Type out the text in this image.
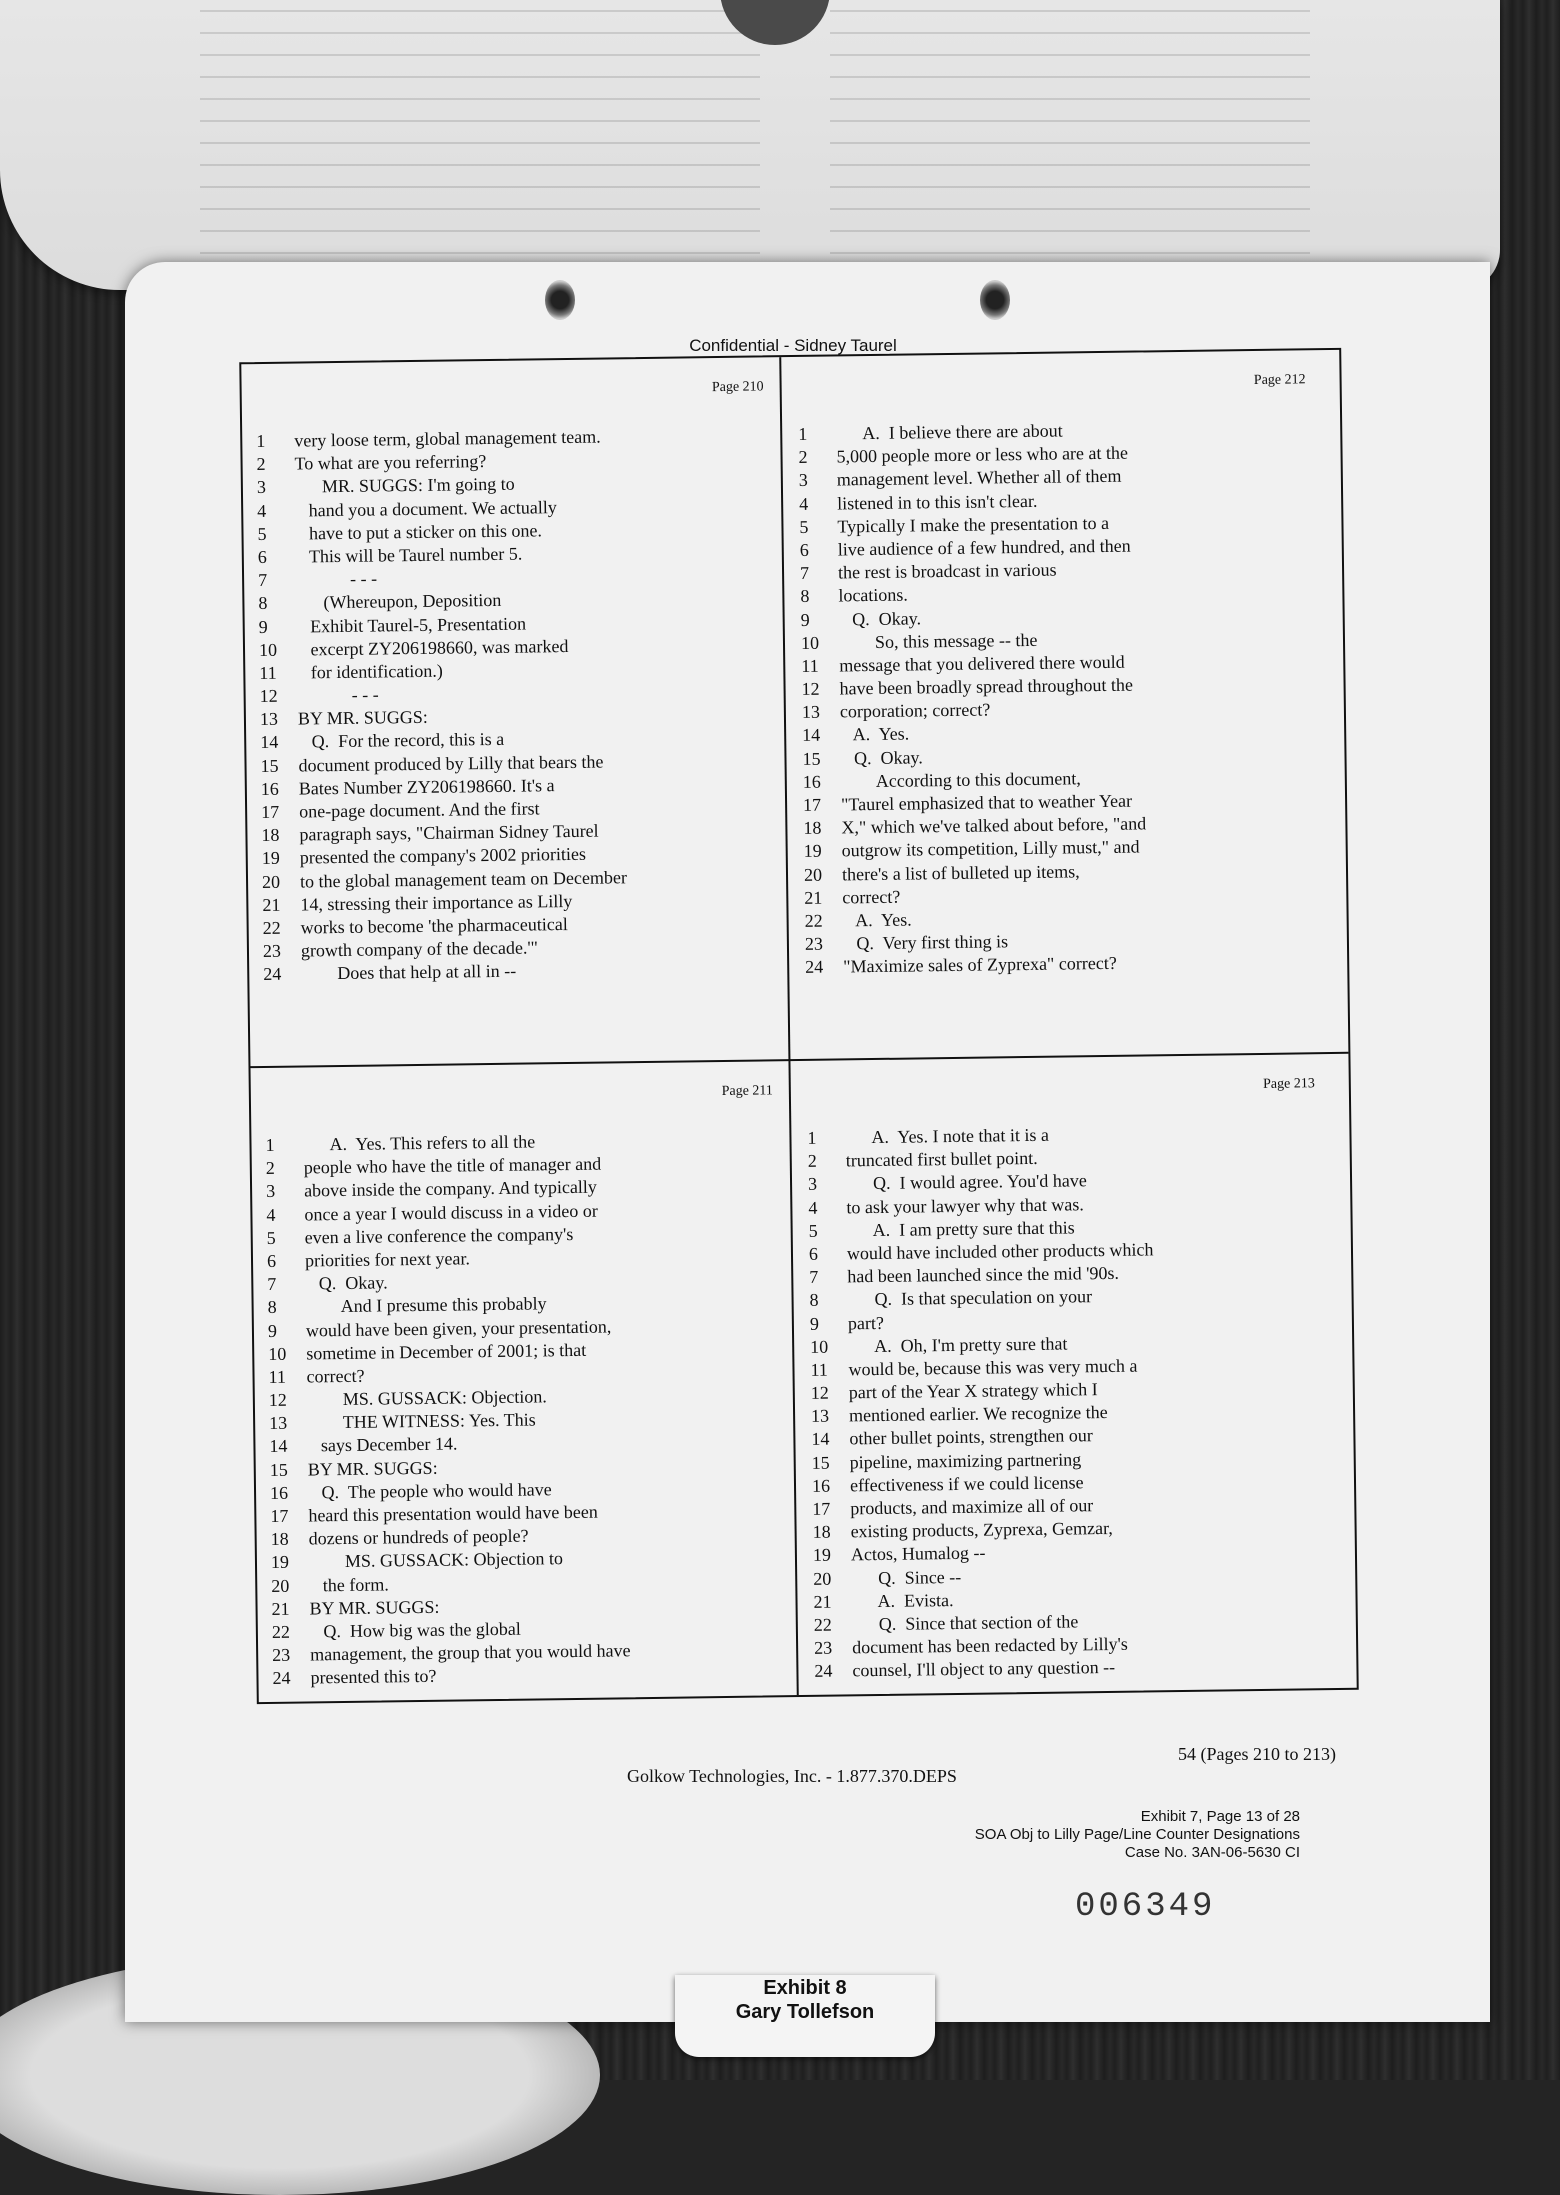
Confidential - Sidney Taurel
Page 210
1 very loose term, global management team.
2 To what are you referring?
3      MR. SUGGS: I'm going to
4   hand you a document. We actually
5   have to put a sticker on this one.
6   This will be Taurel number 5.
7            - - -
8      (Whereupon, Deposition
9   Exhibit Taurel-5, Presentation
10   excerpt ZY206198660, was marked
11   for identification.)
12            - - -
13 BY MR. SUGGS:
14   Q.  For the record, this is a
15 document produced by Lilly that bears the
16 Bates Number ZY206198660. It's a
17 one-page document. And the first
18 paragraph says, "Chairman Sidney Taurel
19 presented the company's 2002 priorities
20 to the global management team on December
21 14, stressing their importance as Lilly
22 works to become 'the pharmaceutical
23 growth company of the decade.'"
24        Does that help at all in --
Page 212
1      A.  I believe there are about
2 5,000 people more or less who are at the
3 management level. Whether all of them
4 listened in to this isn't clear.
5 Typically I make the presentation to a
6 live audience of a few hundred, and then
7 the rest is broadcast in various
8 locations.
9   Q.  Okay.
10        So, this message -- the
11 message that you delivered there would
12 have been broadly spread throughout the
13 corporation; correct?
14   A.  Yes.
15   Q.  Okay.
16        According to this document,
17 "Taurel emphasized that to weather Year
18 X," which we've talked about before, "and
19 outgrow its competition, Lilly must," and
20 there's a list of bulleted up items,
21 correct?
22   A.  Yes.
23   Q.  Very first thing is
24 "Maximize sales of Zyprexa" correct?
Page 211
1      A.  Yes. This refers to all the
2 people who have the title of manager and
3 above inside the company. And typically
4 once a year I would discuss in a video or
5 even a live conference the company's
6 priorities for next year.
7   Q.  Okay.
8        And I presume this probably
9 would have been given, your presentation,
10 sometime in December of 2001; is that
11 correct?
12        MS. GUSSACK: Objection.
13        THE WITNESS: Yes. This
14   says December 14.
15 BY MR. SUGGS:
16   Q.  The people who would have
17 heard this presentation would have been
18 dozens or hundreds of people?
19        MS. GUSSACK: Objection to
20   the form.
21 BY MR. SUGGS:
22   Q.  How big was the global
23 management, the group that you would have
24 presented this to?
Page 213
1      A.  Yes. I note that it is a
2 truncated first bullet point.
3      Q.  I would agree. You'd have
4 to ask your lawyer why that was.
5      A.  I am pretty sure that this
6 would have included other products which
7 had been launched since the mid '90s.
8      Q.  Is that speculation on your
9 part?
10      A.  Oh, I'm pretty sure that
11 would be, because this was very much a
12 part of the Year X strategy which I
13 mentioned earlier. We recognize the
14 other bullet points, strengthen our
15 pipeline, maximizing partnering
16 effectiveness if we could license
17 products, and maximize all of our
18 existing products, Zyprexa, Gemzar,
19 Actos, Humalog --
20      Q.  Since --
21      A.  Evista.
22      Q.  Since that section of the
23 document has been redacted by Lilly's
24 counsel, I'll object to any question --
54 (Pages 210 to 213)
Golkow Technologies, Inc. - 1.877.370.DEPS
Exhibit 7, Page 13 of 28
SOA Obj to Lilly Page/Line Counter Designations
Case No. 3AN-06-5630 CI
006349
Exhibit 8
Gary Tollefson
